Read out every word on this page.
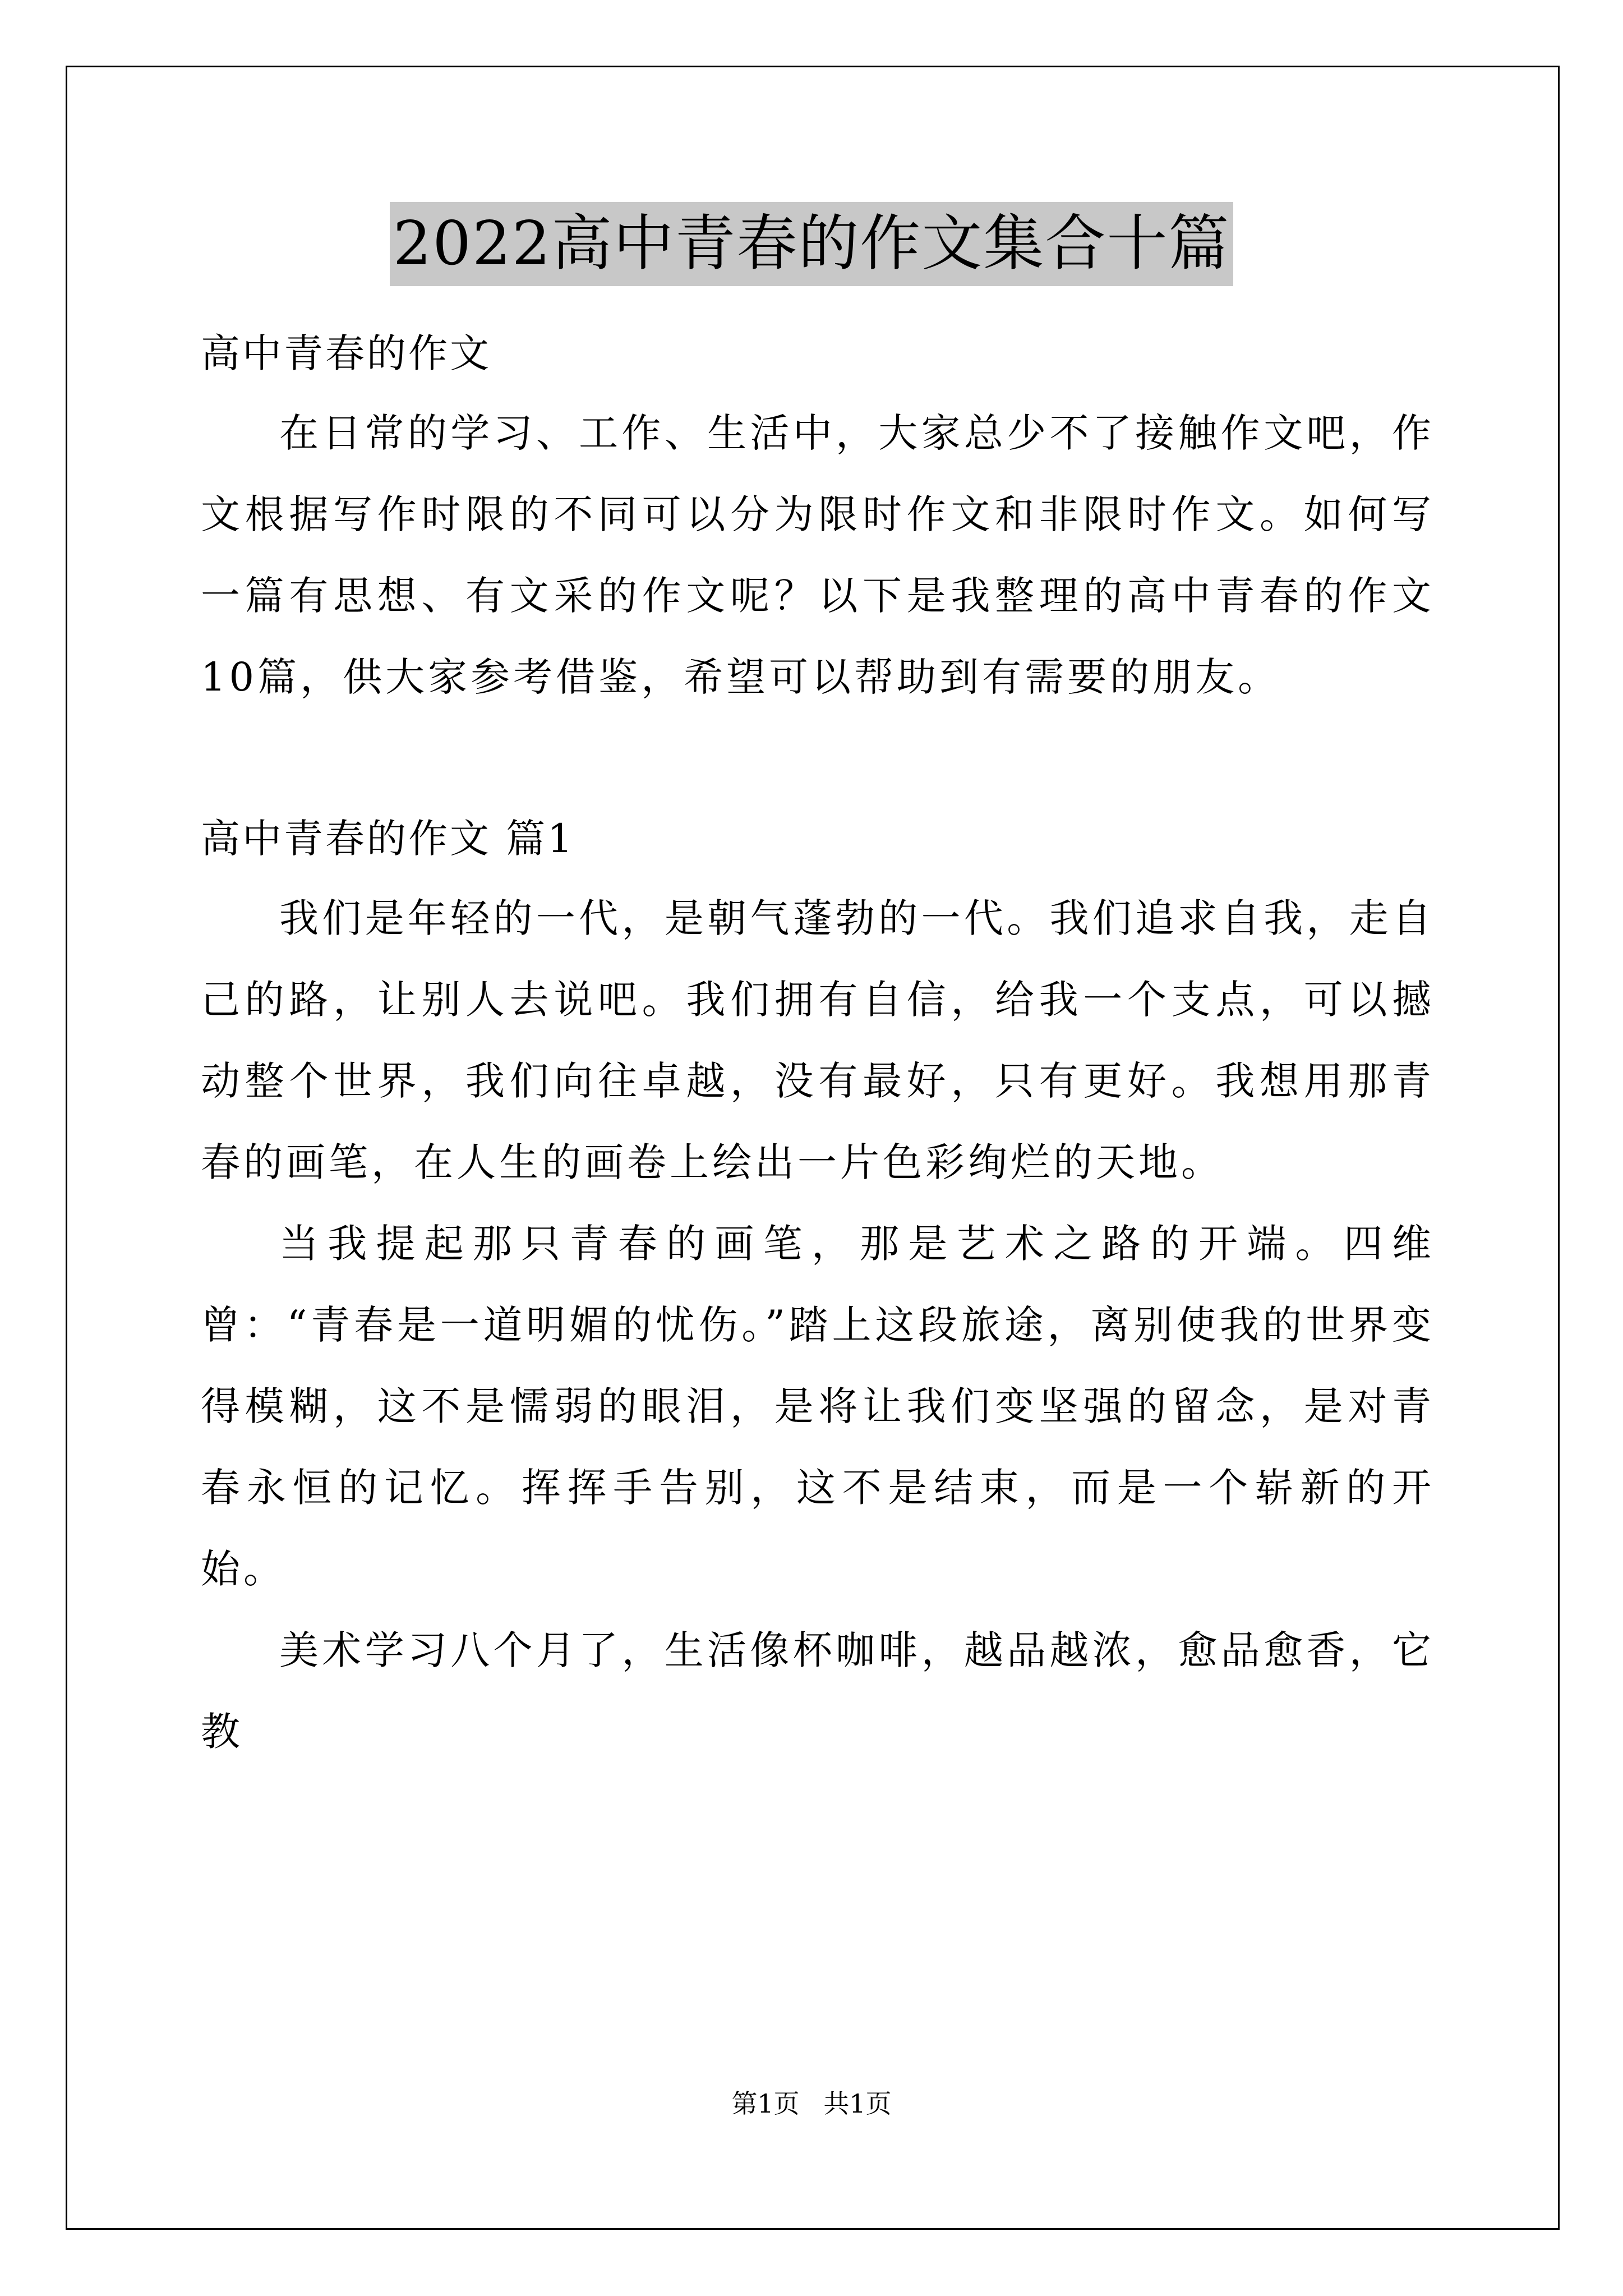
2022高中青春的作文集合十篇

高中青春的作文

在日常的学习、工作、生活中，大家总少不了接触作文吧，作文根据写作时限的不同可以分为限时作文和非限时作文。如何写一篇有思想、有文采的作文呢？以下是我整理的高中青春的作文10篇，供大家参考借鉴，希望可以帮助到有需要的朋友。

高中青春的作文 篇1

我们是年轻的一代，是朝气蓬勃的一代。我们追求自我，走自己的路，让别人去说吧。我们拥有自信，给我一个支点，可以撼动整个世界，我们向往卓越，没有最好，只有更好。我想用那青春的画笔，在人生的画卷上绘出一片色彩绚烂的天地。

当我提起那只青春的画笔，那是艺术之路的开端。四维曾：“青春是一道明媚的忧伤。”踏上这段旅途，离别使我的世界变得模糊，这不是懦弱的眼泪，是将让我们变坚强的留念，是对青春永恒的记忆。挥挥手告别，这不是结束，而是一个崭新的开始。

美术学习八个月了，生活像杯咖啡，越品越浓，愈品愈香，它教

第1页 共1页
